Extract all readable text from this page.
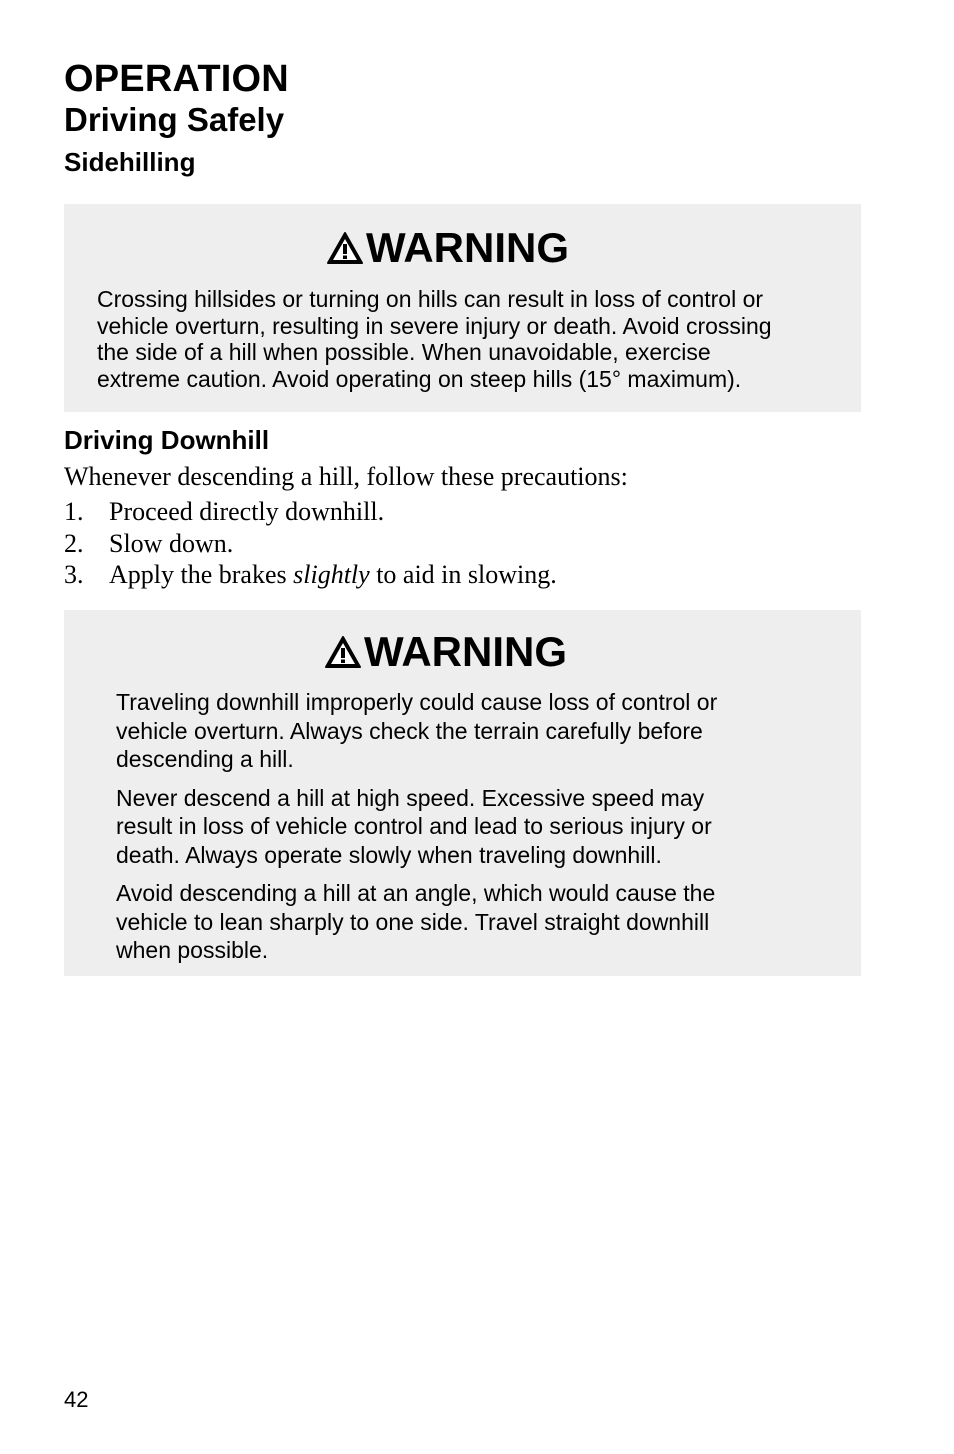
OPERATION
Driving Safely
Sidehilling
WARNING

Crossing hillsides or turning on hills can result in loss of control or
vehicle overturn, resulting in severe injury or death. Avoid crossing
the side of a hill when possible. When unavoidable, exercise
extreme caution. Avoid operating on steep hills (15° maximum).

Driving Downhill

Whenever descending a hill, follow these precautions:

1. Proceed directly downhill.
2. Slow down.
3. Apply the brakes slightly to aid in slowing.
WARNING

Traveling downhill improperly could cause loss of control or
vehicle overturn. Always check the terrain carefully before
descending a hill.

Never descend a hill at high speed. Excessive speed may
result in loss of vehicle control and lead to serious injury or
death. Always operate slowly when traveling downhill.

Avoid descending a hill at an angle, which would cause the
vehicle to lean sharply to one side. Travel straight downhill
when possible.

42
